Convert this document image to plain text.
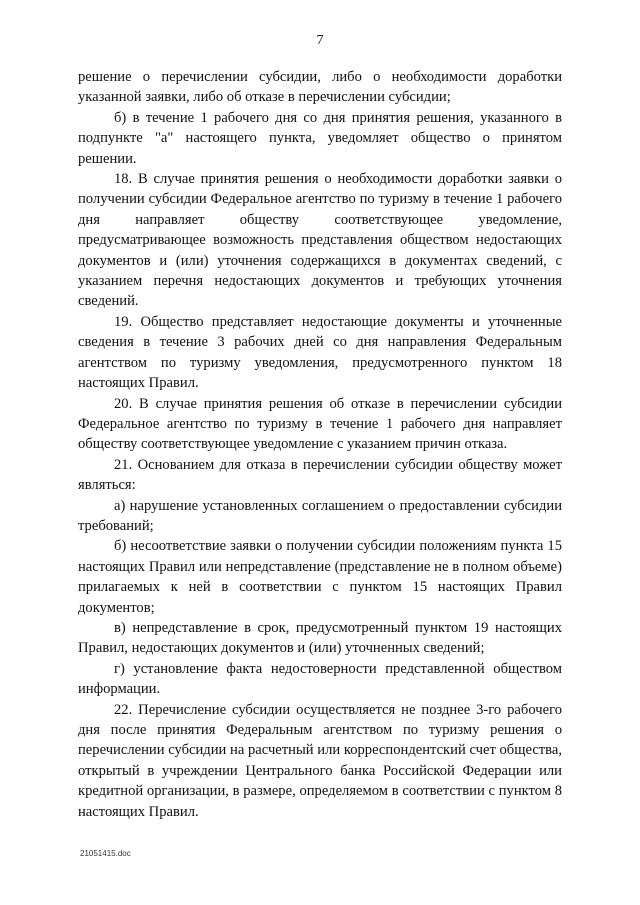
7

решение о перечислении субсидии, либо о необходимости доработки указанной заявки, либо об отказе в перечислении субсидии;

б) в течение 1 рабочего дня со дня принятия решения, указанного в подпункте "а" настоящего пункта, уведомляет общество о принятом решении.

18. В случае принятия решения о необходимости доработки заявки о получении субсидии Федеральное агентство по туризму в течение 1 рабочего дня направляет обществу соответствующее уведомление, предусматривающее возможность представления обществом недостающих документов и (или) уточнения содержащихся в документах сведений, с указанием перечня недостающих документов и требующих уточнения сведений.

19. Общество представляет недостающие документы и уточненные сведения в течение 3 рабочих дней со дня направления Федеральным агентством по туризму уведомления, предусмотренного пунктом 18 настоящих Правил.

20. В случае принятия решения об отказе в перечислении субсидии Федеральное агентство по туризму в течение 1 рабочего дня направляет обществу соответствующее уведомление с указанием причин отказа.

21. Основанием для отказа в перечислении субсидии обществу может являться:

а) нарушение установленных соглашением о предоставлении субсидии требований;

б) несоответствие заявки о получении субсидии положениям пункта 15 настоящих Правил или непредставление (представление не в полном объеме) прилагаемых к ней в соответствии с пунктом 15 настоящих Правил документов;

в) непредставление в срок, предусмотренный пунктом 19 настоящих Правил, недостающих документов и (или) уточненных сведений;

г) установление факта недостоверности представленной обществом информации.

22. Перечисление субсидии осуществляется не позднее 3-го рабочего дня после принятия Федеральным агентством по туризму решения о перечислении субсидии на расчетный или корреспондентский счет общества, открытый в учреждении Центрального банка Российской Федерации или кредитной организации, в размере, определяемом в соответствии с пунктом 8 настоящих Правил.

21051415.doc
